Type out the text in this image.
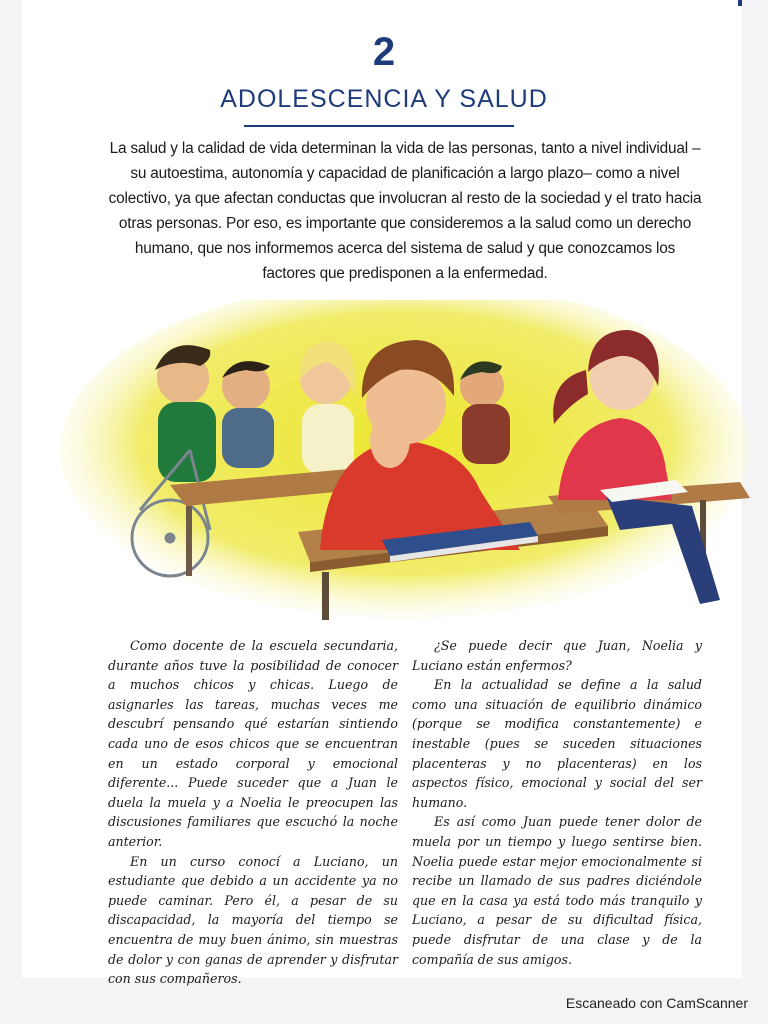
2
ADOLESCENCIA Y SALUD
La salud y la calidad de vida determinan la vida de las personas, tanto a nivel individual –su autoestima, autonomía y capacidad de planificación a largo plazo– como a nivel colectivo, ya que afectan conductas que involucran al resto de la sociedad y el trato hacia otras personas. Por eso, es importante que consideremos a la salud como un derecho humano, que nos informemos acerca del sistema de salud y que conozcamos los factores que predisponen a la enfermedad.

Como docente de la escuela secundaria, durante años tuve la posibilidad de conocer a muchos chicos y chicas. Luego de asignarles las tareas, muchas veces me descubrí pensando qué estarían sintiendo cada uno de esos chicos que se encuentran en un estado corporal y emocional diferente... Puede suceder que a Juan le duela la muela y a Noelia le preocupen las discusiones familiares que escuchó la noche anterior.

En un curso conocí a Luciano, un estudiante que debido a un accidente ya no puede caminar. Pero él, a pesar de su discapacidad, la mayoría del tiempo se encuentra de muy buen ánimo, sin muestras de dolor y con ganas de aprender y disfrutar con sus compañeros.

¿Se puede decir que Juan, Noelia y Luciano están enfermos?

En la actualidad se define a la salud como una situación de equilibrio dinámico (porque se modifica constantemente) e inestable (pues se suceden situaciones placenteras y no placenteras) en los aspectos físico, emocional y social del ser humano.

Es así como Juan puede tener dolor de muela por un tiempo y luego sentirse bien. Noelia puede estar mejor emocionalmente si recibe un llamado de sus padres diciéndole que en la casa ya está todo más tranquilo y Luciano, a pesar de su dificultad física, puede disfrutar de una clase y de la compañía de sus amigos.

Escaneado con CamScanner
